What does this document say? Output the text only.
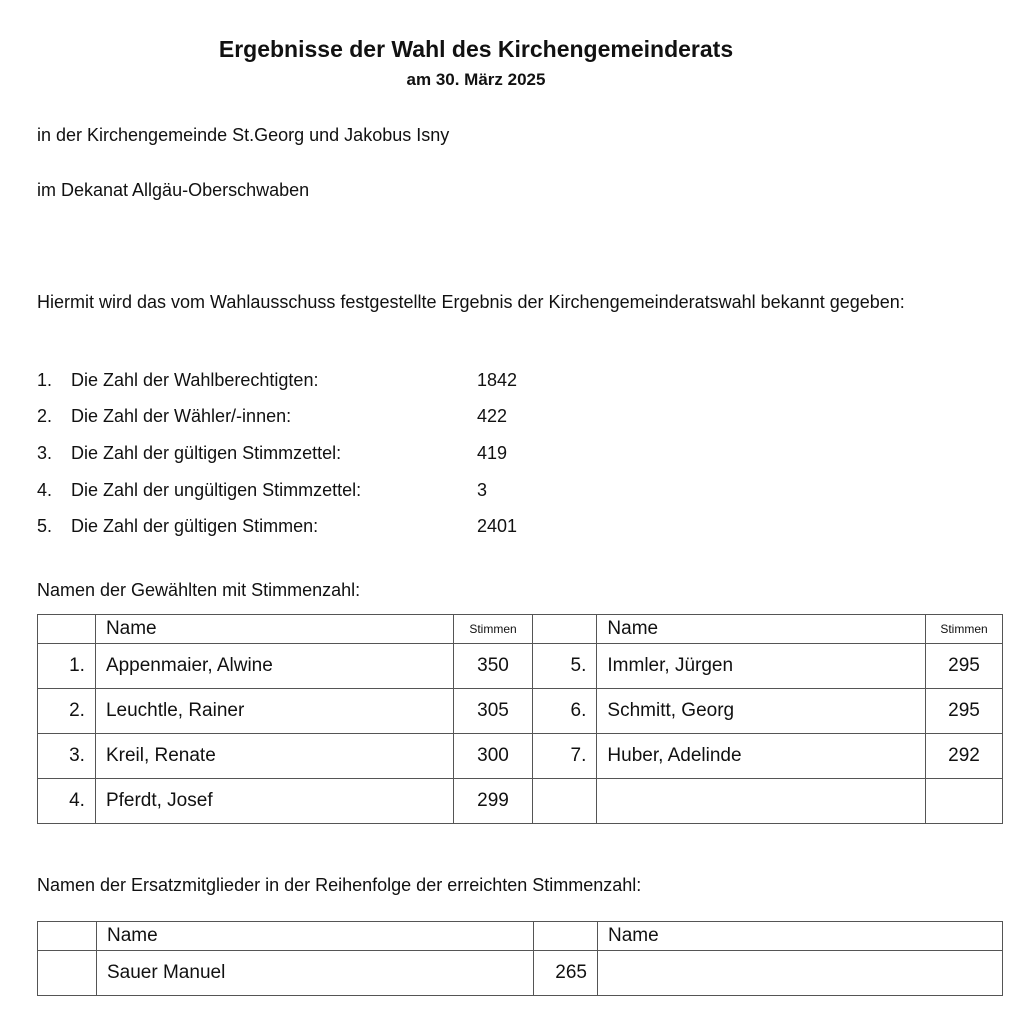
Ergebnisse der Wahl des Kirchengemeinderats
am 30. März 2025
in der Kirchengemeinde St.Georg und Jakobus Isny
im Dekanat Allgäu-Oberschwaben
Hiermit wird das vom Wahlausschuss festgestellte Ergebnis der Kirchengemeinderatswahl bekannt gegeben:
1. Die Zahl der Wahlberechtigten:	1842
2. Die Zahl der Wähler/-innen:	422
3. Die Zahl der gültigen Stimmzettel:	419
4. Die Zahl der ungültigen Stimmzettel:	3
5. Die Zahl der gültigen Stimmen:	2401
Namen der Gewählten mit Stimmenzahl:
	Name	Stimmen		Name	Stimmen
1.	Appenmaier, Alwine	350	5.	Immler, Jürgen	295
2.	Leuchtle, Rainer	305	6.	Schmitt, Georg	295
3.	Kreil, Renate	300	7.	Huber, Adelinde	292
4.	Pferdt, Josef	299			
Namen der Ersatzmitglieder in der Reihenfolge der erreichten Stimmenzahl:
	Name		Name
	Sauer Manuel	265	
